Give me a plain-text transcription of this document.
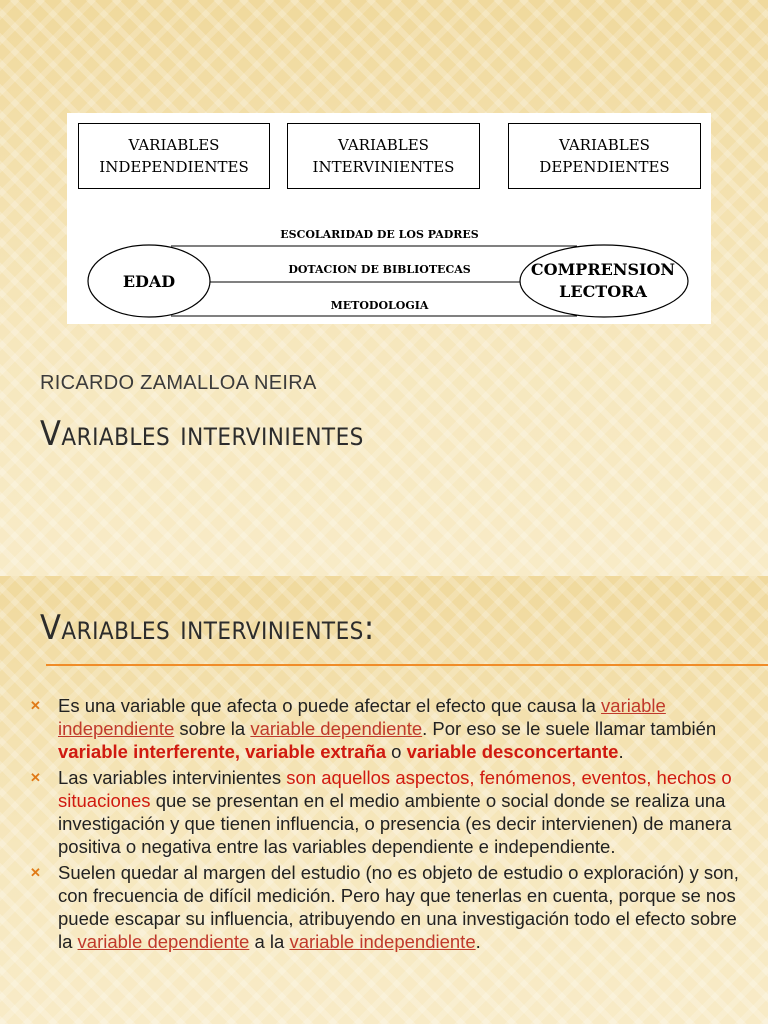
VARIABLES
INDEPENDIENTES
VARIABLES
INTERVINIENTES
VARIABLES
DEPENDIENTES
ESCOLARIDAD DE LOS PADRES
DOTACION DE BIBLIOTECAS
METODOLOGIA
EDAD
COMPRENSION
LECTORA
RICARDO ZAMALLOA NEIRA
Variables intervinientes
Variables intervinientes:
✕ Es una variable que afecta o puede afectar el efecto que causa la variable independiente sobre la variable dependiente. Por eso se le suele llamar también variable interferente, variable extraña o variable desconcertante.
✕ Las variables intervinientes son aquellos aspectos, fenómenos, eventos, hechos o situaciones que se presentan en el medio ambiente o social donde se realiza una investigación y que tienen influencia, o presencia (es decir intervienen) de manera positiva o negativa entre las variables dependiente e independiente.
✕ Suelen quedar al margen del estudio (no es objeto de estudio o exploración) y son, con frecuencia de difícil medición. Pero hay que tenerlas en cuenta, porque se nos puede escapar su influencia, atribuyendo en una investigación todo el efecto sobre la variable dependiente a la variable independiente.
